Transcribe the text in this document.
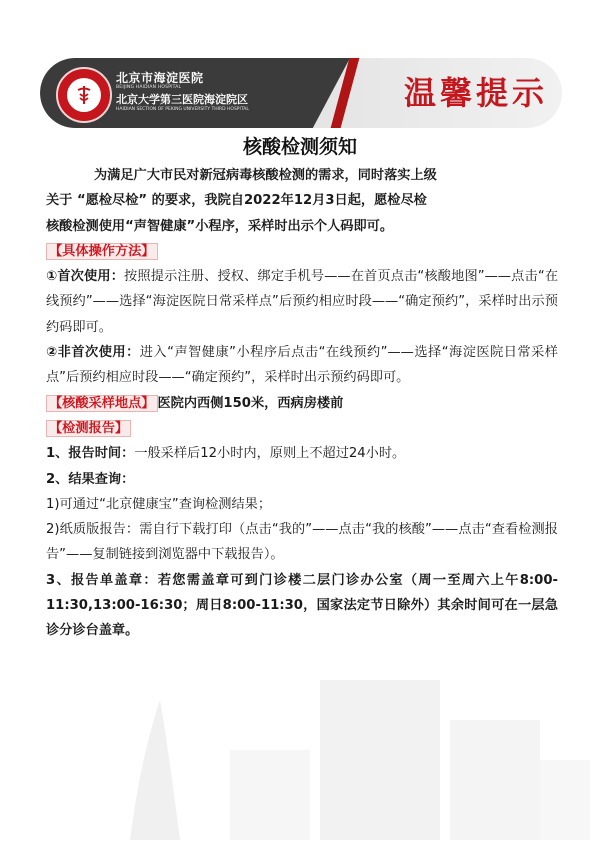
北京市海淀医院
BEIJING HAIDIAN HOSPITAL
北京大学第三医院海淀院区
HAIDIAN SECTION OF PEKING UNIVERSITY THIRD HOSPITAL	温馨提示
核酸检测须知

为满足广大市民对新冠病毒核酸检测的需求，同时落实上级

关于 “愿检尽检” 的要求，我院自2022年12月3日起，愿检尽检

核酸检测使用“声智健康”小程序，采样时出示个人码即可。

【具体操作方法】

①首次使用：按照提示注册、授权、绑定手机号——在首页点击“核酸地图”——点击“在线预约”——选择“海淀医院日常采样点”后预约相应时段——“确定预约”，采样时出示预约码即可。

②非首次使用：进入“声智健康”小程序后点击“在线预约”——选择“海淀医院日常采样点”后预约相应时段——“确定预约”，采样时出示预约码即可。

【核酸采样地点】 医院内西侧150米，西病房楼前

【检测报告】

1、报告时间：一般采样后12小时内，原则上不超过24小时。

2、结果查询：

1)可通过“北京健康宝”查询检测结果；

2)纸质版报告：需自行下载打印（点击“我的”——点击“我的核酸”——点击“查看检测报告”——复制链接到浏览器中下载报告）。

3、报告单盖章：若您需盖章可到门诊楼二层门诊办公室（周一至周六上午8:00-11:30,13:00-16:30；周日8:00-11:30，国家法定节日除外）其余时间可在一层急诊分诊台盖章。
